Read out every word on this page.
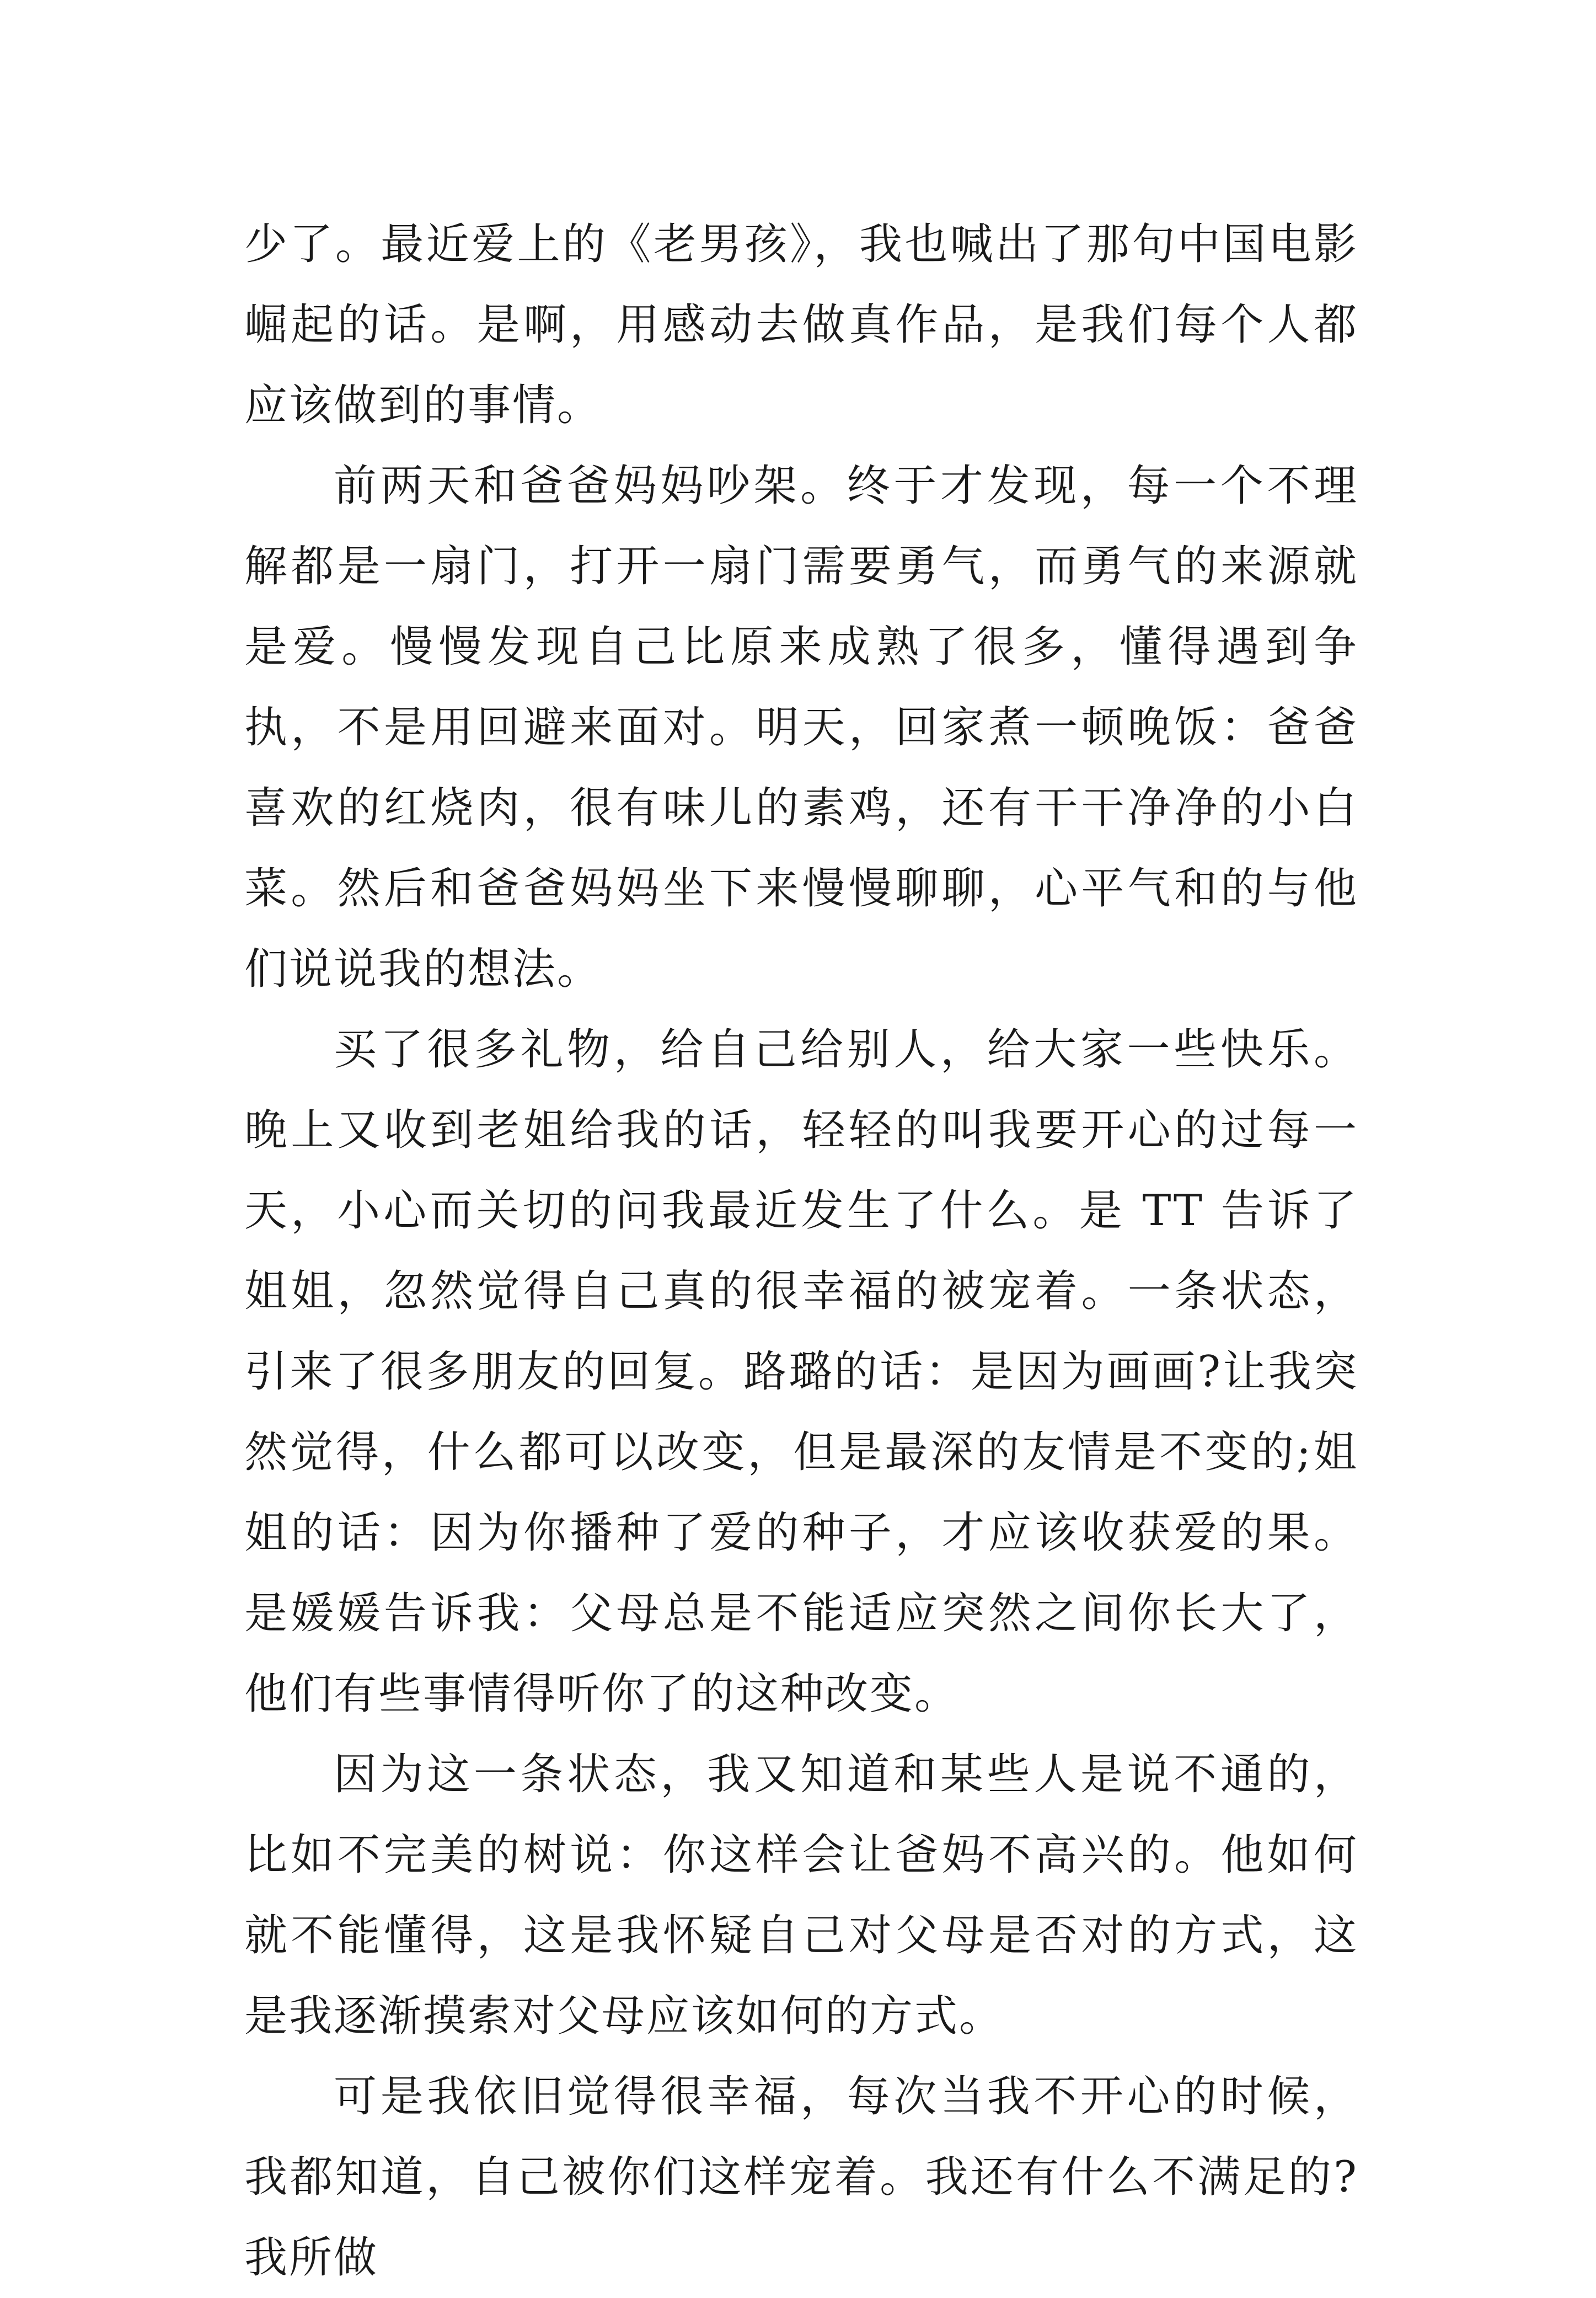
少了。最近爱上的《老男孩》，我也喊出了那句中国电影崛起的话。是啊，用感动去做真作品，是我们每个人都应该做到的事情。

前两天和爸爸妈妈吵架。终于才发现，每一个不理解都是一扇门，打开一扇门需要勇气，而勇气的来源就是爱。慢慢发现自己比原来成熟了很多，懂得遇到争执，不是用回避来面对。明天，回家煮一顿晚饭：爸爸喜欢的红烧肉，很有味儿的素鸡，还有干干净净的小白菜。然后和爸爸妈妈坐下来慢慢聊聊，心平气和的与他们说说我的想法。

买了很多礼物，给自己给别人，给大家一些快乐。晚上又收到老姐给我的话，轻轻的叫我要开心的过每一天，小心而关切的问我最近发生了什么。是 TT 告诉了姐姐，忽然觉得自己真的很幸福的被宠着。一条状态，引来了很多朋友的回复。路璐的话：是因为画画?让我突然觉得，什么都可以改变，但是最深的友情是不变的;姐姐的话：因为你播种了爱的种子，才应该收获爱的果。是媛媛告诉我：父母总是不能适应突然之间你长大了，他们有些事情得听你了的这种改变。

因为这一条状态，我又知道和某些人是说不通的，比如不完美的树说：你这样会让爸妈不高兴的。他如何就不能懂得，这是我怀疑自己对父母是否对的方式，这是我逐渐摸索对父母应该如何的方式。

可是我依旧觉得很幸福，每次当我不开心的时候，我都知道，自己被你们这样宠着。我还有什么不满足的?我所做
